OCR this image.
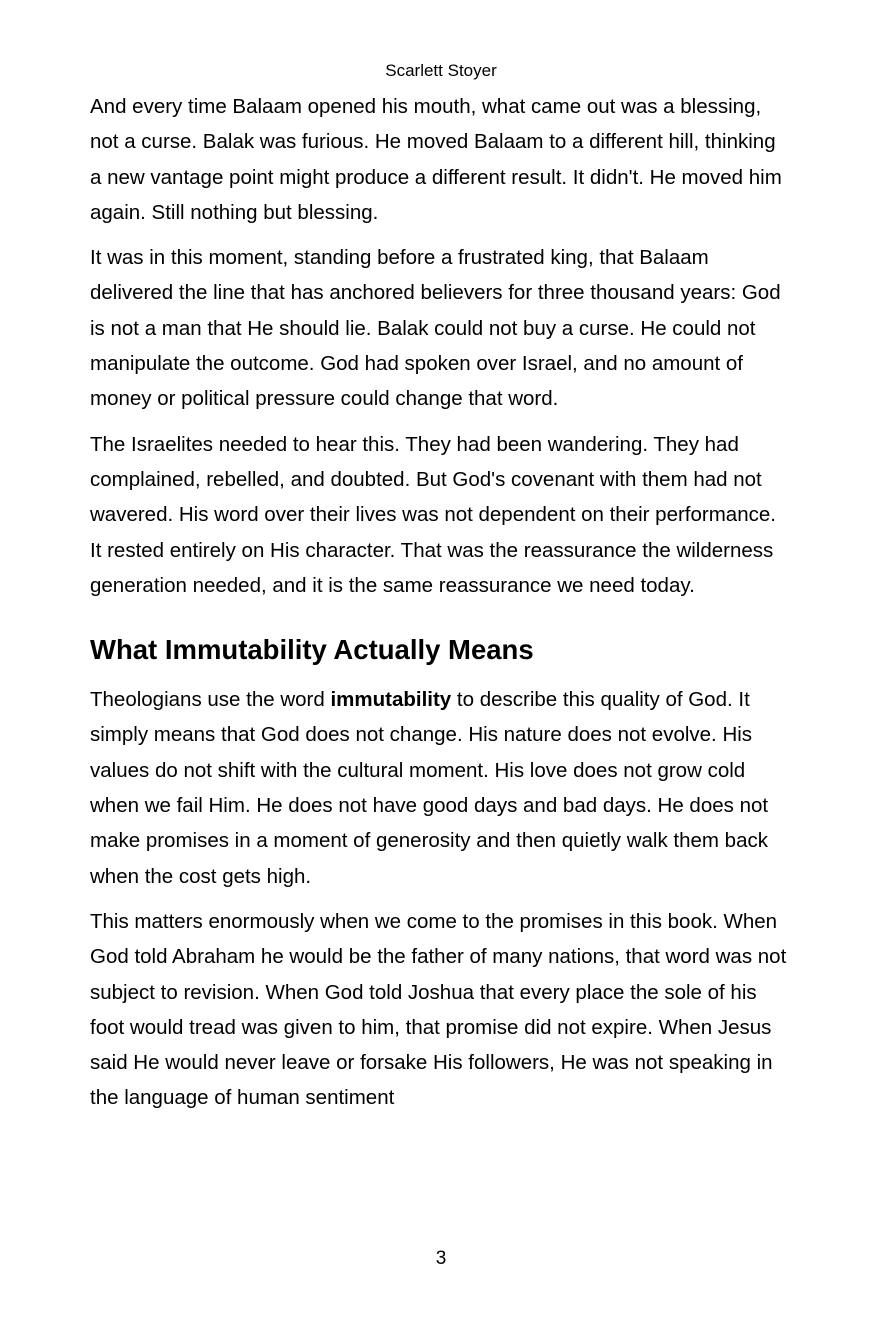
Scarlett Stoyer

And every time Balaam opened his mouth, what came out was a blessing, not a curse. Balak was furious. He moved Balaam to a different hill, thinking a new vantage point might produce a different result. It didn't. He moved him again. Still nothing but blessing.

It was in this moment, standing before a frustrated king, that Balaam delivered the line that has anchored believers for three thousand years: God is not a man that He should lie. Balak could not buy a curse. He could not manipulate the outcome. God had spoken over Israel, and no amount of money or political pressure could change that word.

The Israelites needed to hear this. They had been wandering. They had complained, rebelled, and doubted. But God's covenant with them had not wavered. His word over their lives was not dependent on their performance. It rested entirely on His character. That was the reassurance the wilderness generation needed, and it is the same reassurance we need today.

What Immutability Actually Means

Theologians use the word immutability to describe this quality of God. It simply means that God does not change. His nature does not evolve. His values do not shift with the cultural moment. His love does not grow cold when we fail Him. He does not have good days and bad days. He does not make promises in a moment of generosity and then quietly walk them back when the cost gets high.

This matters enormously when we come to the promises in this book. When God told Abraham he would be the father of many nations, that word was not subject to revision. When God told Joshua that every place the sole of his foot would tread was given to him, that promise did not expire. When Jesus said He would never leave or forsake His followers, He was not speaking in the language of human sentiment

3
